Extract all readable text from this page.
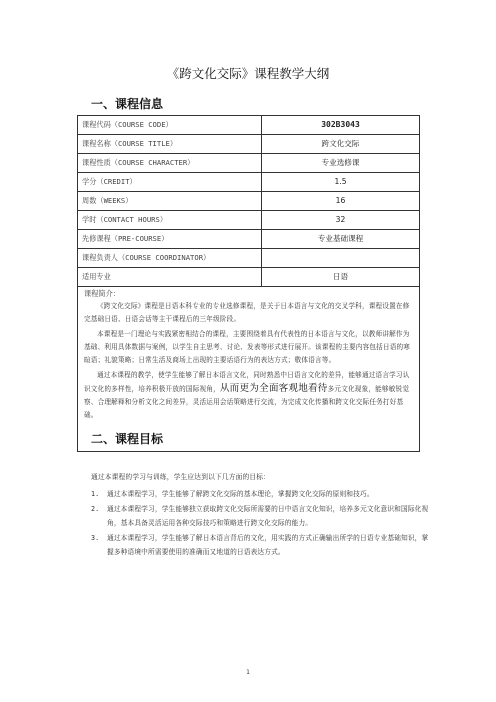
《跨文化交际》课程教学大纲
一、课程信息
课程代码（COURSE CODE）	302B3043
课程名称（COURSE TITLE）	跨文化交际
课程性质（COURSE CHARACTER）	专业选修课
学分（CREDIT）	1.5
周数（WEEKS）	16
学时（CONTACT HOURS）	32
先修课程（PRE-COURSE）	专业基础课程
课程负责人（COURSE COORDINATOR）	
适用专业	日语

课程简介：

《跨文化交际》课程是日语本科专业的专业选修课程，是关于日本语言与文化的交叉学科，课程设置在修完基础日语、日语会话等主干课程后的三年级阶段。

本课程是一门理论与实践紧密相结合的课程，主要围绕着具有代表性的日本语言与文化，以教师讲解作为基础、利用具体数据与案例，以学生自主思考、讨论、发表等形式进行展开。该课程的主要内容包括日语的寒暄语；礼貌策略；日常生活及商场上出现的主要话语行为的表达方式；敬体语言等。

通过本课程的教学，使学生能够了解日本语言文化，同时熟悉中日语言文化的差异，能够通过语言学习认识文化的多样性，培养积极开放的国际视角，从而更为全面客观地看待多元文化现象，能够敏锐觉察、合理解释和分析文化之间差异，灵活运用会话策略进行交流，为完成文化传播和跨文化交际任务打好基础。	

二、课程目标

通过本课程的学习与训练，学生应达到以下几方面的目标：

1. 通过本课程学习，学生能够了解跨文化交际的基本理论，掌握跨文化交际的原则和技巧。
2. 通过本课程学习，学生能够独立获取跨文化交际所需要的日中语言文化知识，培养多元文化意识和国际化视角，基本具备灵活运用各种交际技巧和策略进行跨文化交际的能力。
3. 通过本课程学习，学生能够了解日本语言背后的文化，用实践的方式正确输出所学的日语专业基础知识，掌握多种语境中所需要使用的准确而又地道的日语表达方式。
1
